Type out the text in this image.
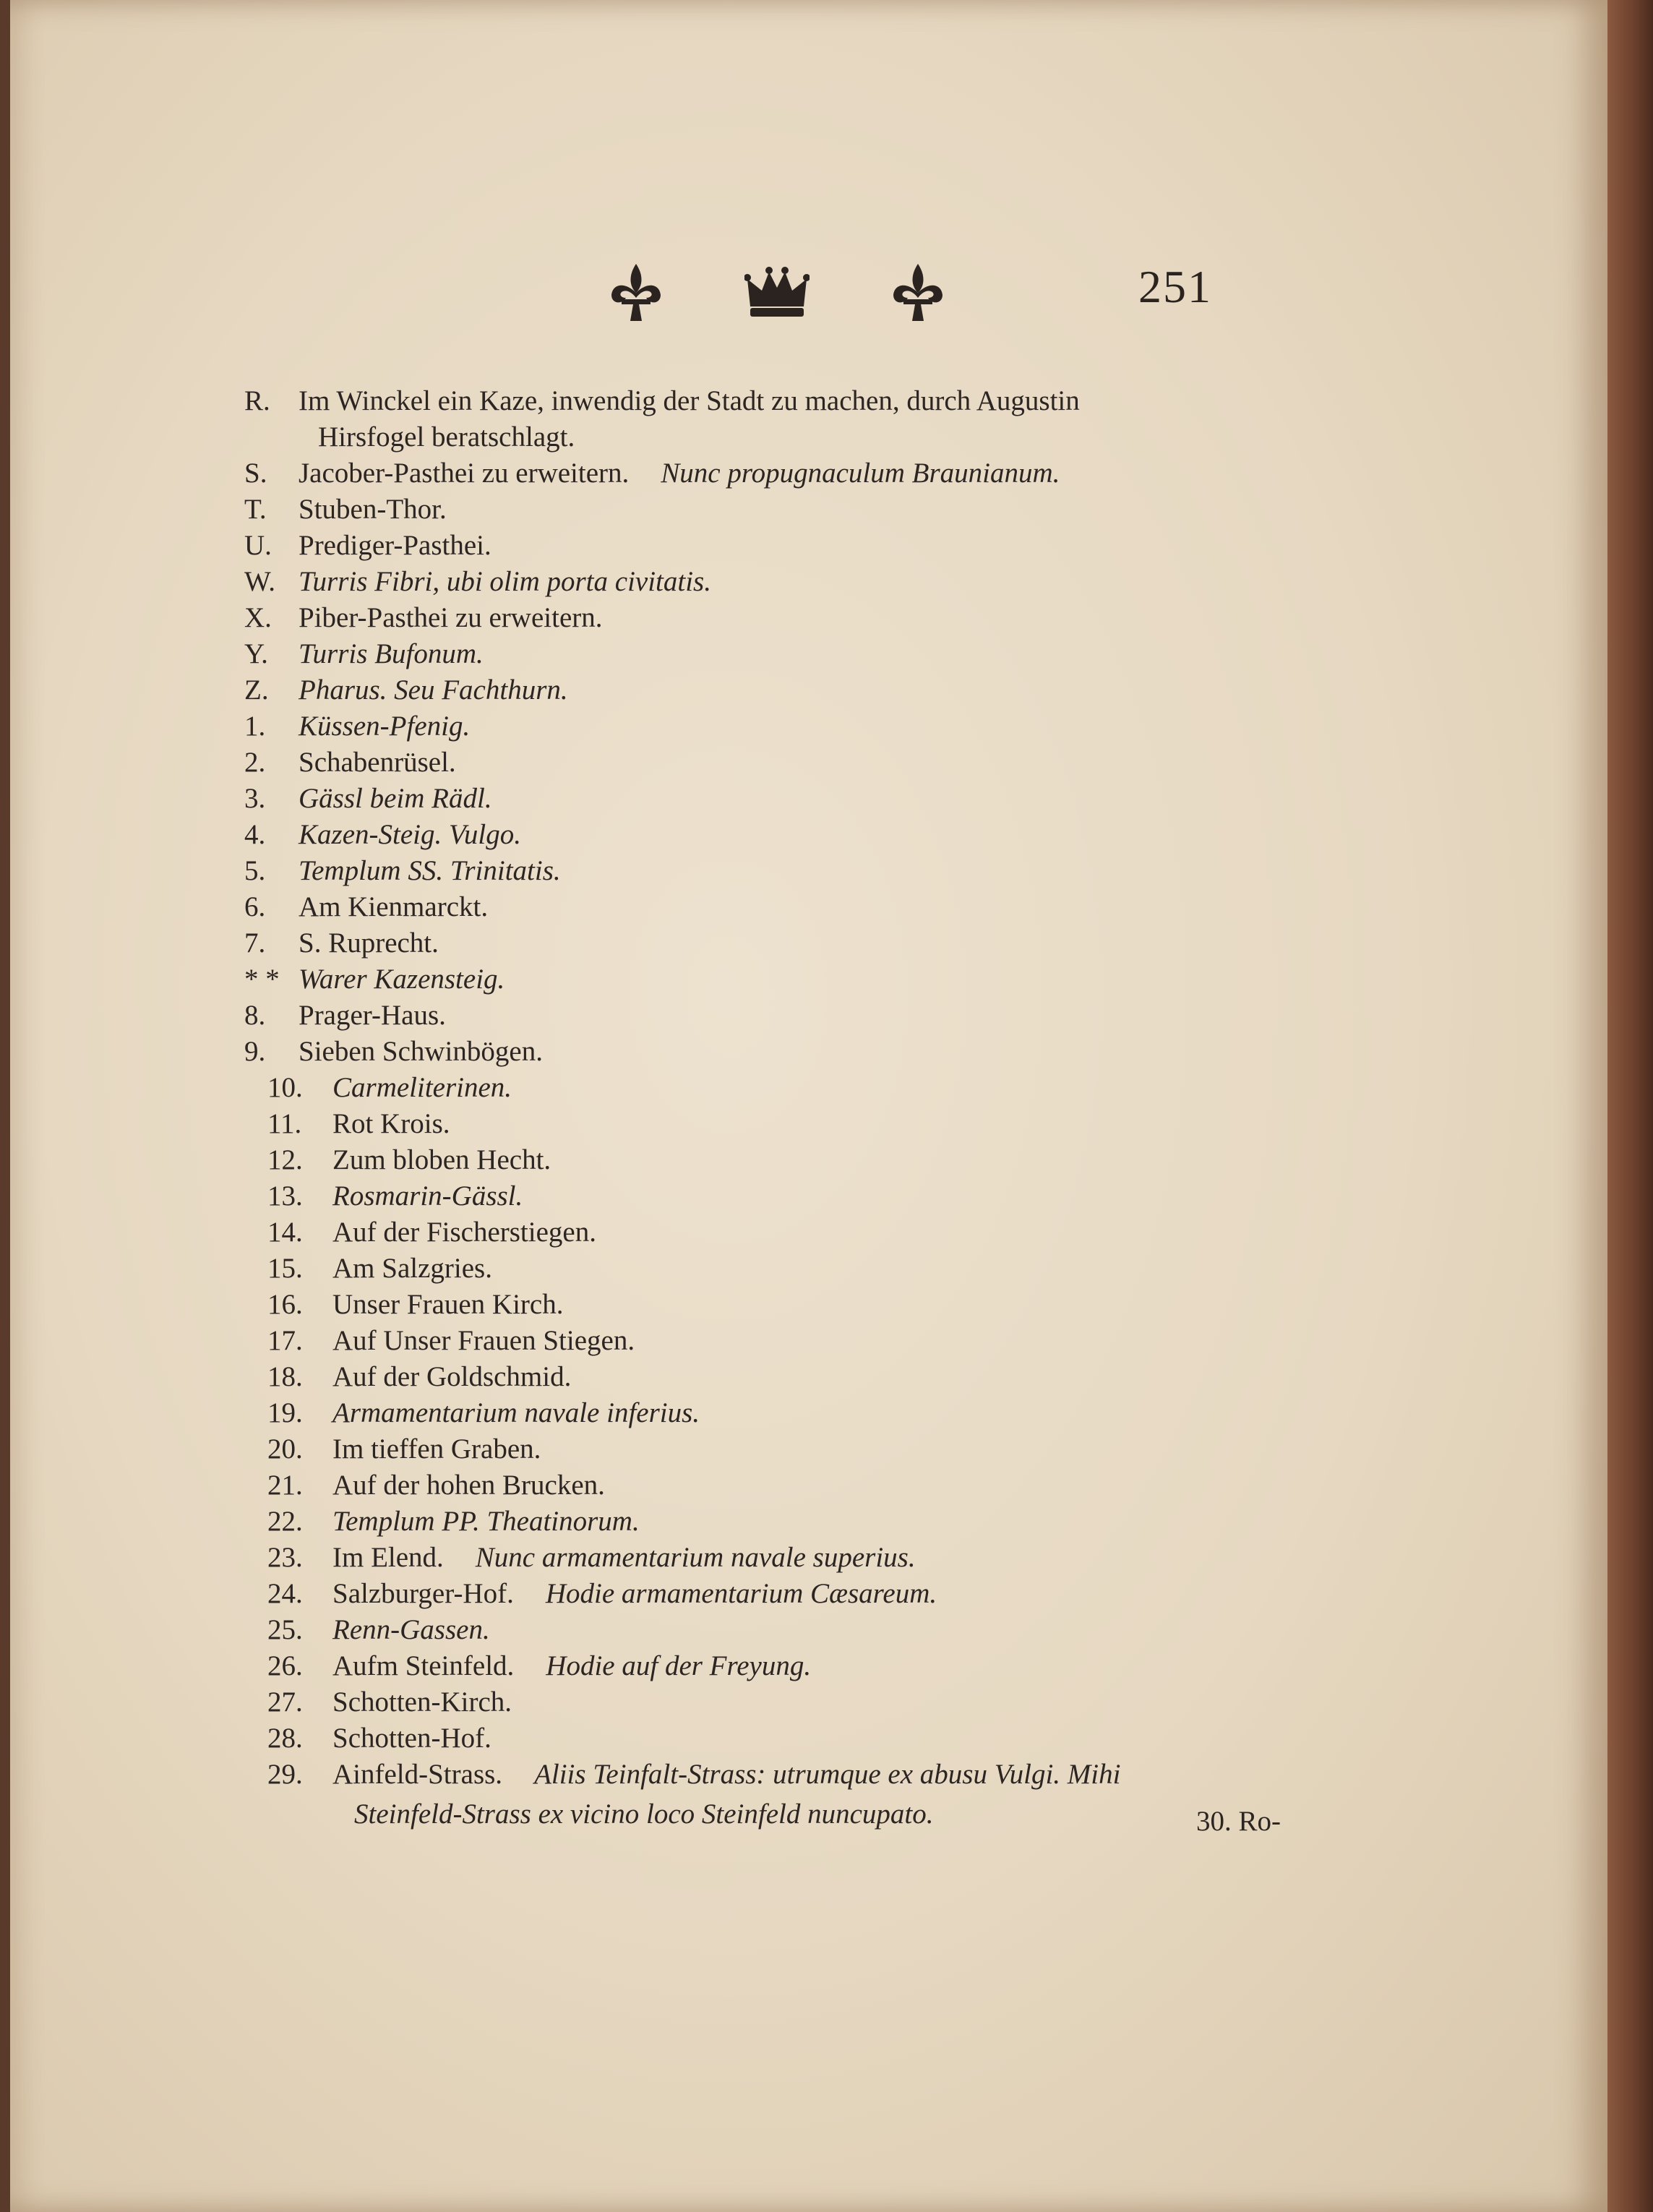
251
R. Im Winckel ein Kaze, inwendig der Stadt zu machen, durch Augustin
Hirsfogel beratschlagt.
S. Jacober-Pasthei zu erweitern. Nunc propugnaculum Braunianum.
T. Stuben-Thor.
U. Prediger-Pasthei.
W. Turris Fibri, ubi olim porta civitatis.
X. Piber-Pasthei zu erweitern.
Y. Turris Bufonum.
Z. Pharus. Seu Fachthurn.
1. Küssen-Pfenig.
2. Schabenrüsel.
3. Gässl beim Rädl.
4. Kazen-Steig. Vulgo.
5. Templum SS. Trinitatis.
6. Am Kienmarckt.
7. S. Ruprecht.
* * Warer Kazensteig.
8. Prager-Haus.
9. Sieben Schwinbögen.
10. Carmeliterinen.
11. Rot Krois.
12. Zum bloben Hecht.
13. Rosmarin-Gässl.
14. Auf der Fischerstiegen.
15. Am Salzgries.
16. Unser Frauen Kirch.
17. Auf Unser Frauen Stiegen.
18. Auf der Goldschmid.
19. Armamentarium navale inferius.
20. Im tieffen Graben.
21. Auf der hohen Brucken.
22. Templum PP. Theatinorum.
23. Im Elend. Nunc armamentarium navale superius.
24. Salzburger-Hof. Hodie armamentarium Cæsareum.
25. Renn-Gassen.
26. Aufm Steinfeld. Hodie auf der Freyung.
27. Schotten-Kirch.
28. Schotten-Hof.
29. Ainfeld-Strass. Aliis Teinfalt-Strass: utrumque ex abusu Vulgi. Mihi
Steinfeld-Strass ex vicino loco Steinfeld nuncupato.	30. Ro-
